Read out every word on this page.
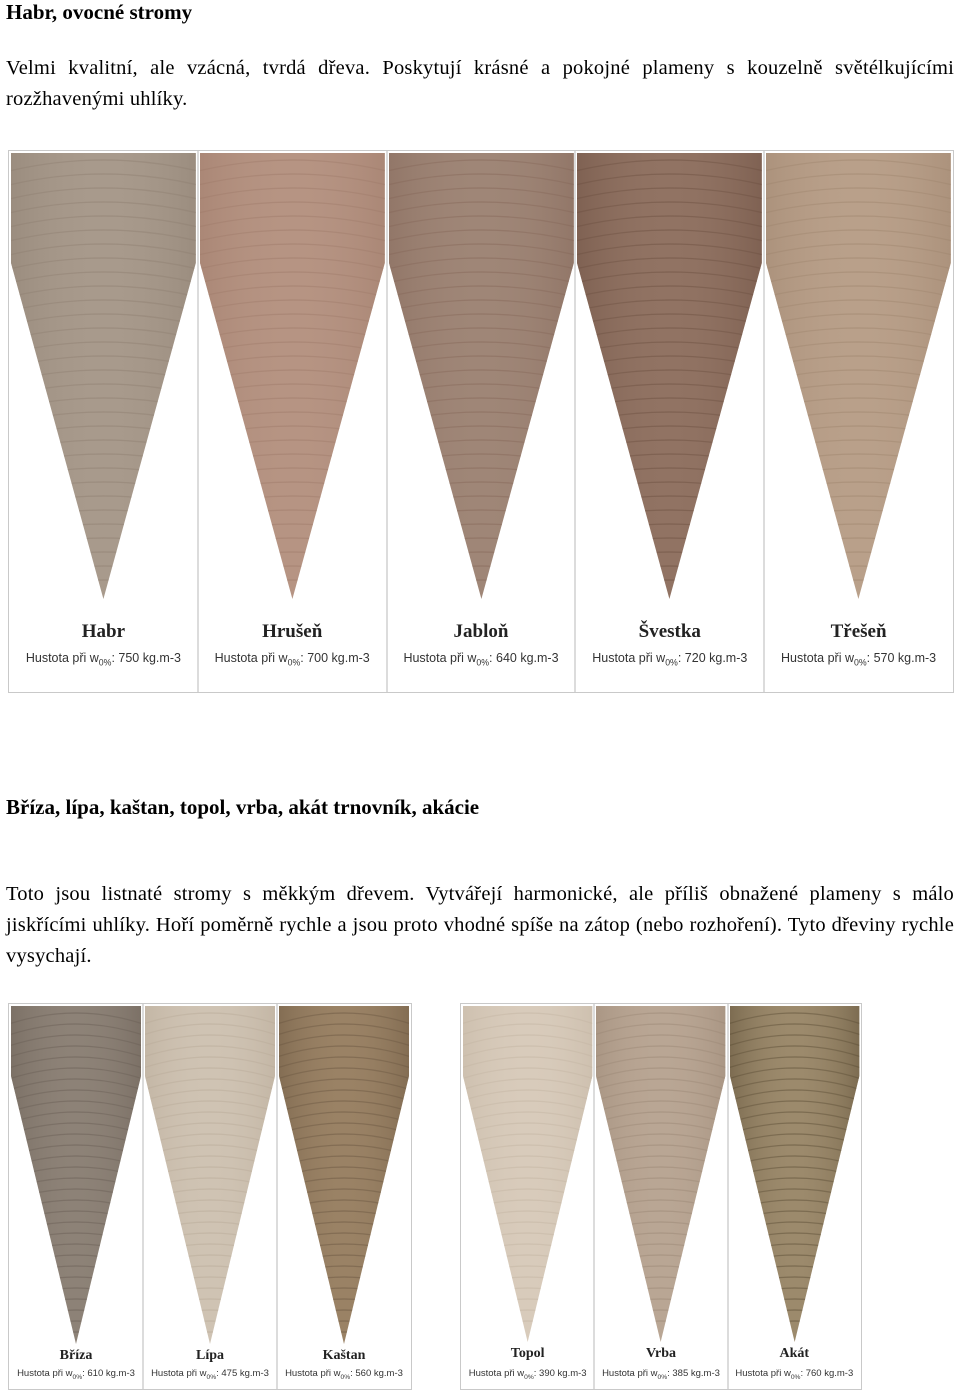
Habr, ovocné stromy

Velmi kvalitní, ale vzácná, tvrdá dřeva. Poskytují krásné a pokojné plameny s kouzelně světélkujícími rozžhavenými uhlíky.

Habr
Hustota při $w_{0\%}$: 750 kg.m-3
Hrušeň
Hustota při $w_{0\%}$: 700 kg.m-3
Jabloň
Hustota při $w_{0\%}$: 640 kg.m-3
Švestka
Hustota při $w_{0\%}$: 720 kg.m-3
Třešeň
Hustota při $w_{0\%}$: 570 kg.m-3
Bříza, lípa, kaštan, topol, vrba, akát trnovník, akácie

Toto jsou listnaté stromy s měkkým dřevem. Vytvářejí harmonické, ale příliš obnažené plameny s málo jiskřícími uhlíky. Hoří poměrně rychle a jsou proto vhodné spíše na zátop (nebo rozhoření). Tyto dřeviny rychle vysychají.

Bříza
Hustota při $w_{0\%}$: 610 kg.m-3
Lípa
Hustota při $w_{0\%}$: 475 kg.m-3
Kaštan
Hustota při $w_{0\%}$: 560 kg.m-3
Topol
Hustota při $w_{0\%}$: 390 kg.m-3
Vrba
Hustota při $w_{0\%}$: 385 kg.m-3
Akát
Hustota při $w_{0\%}$: 760 kg.m-3
